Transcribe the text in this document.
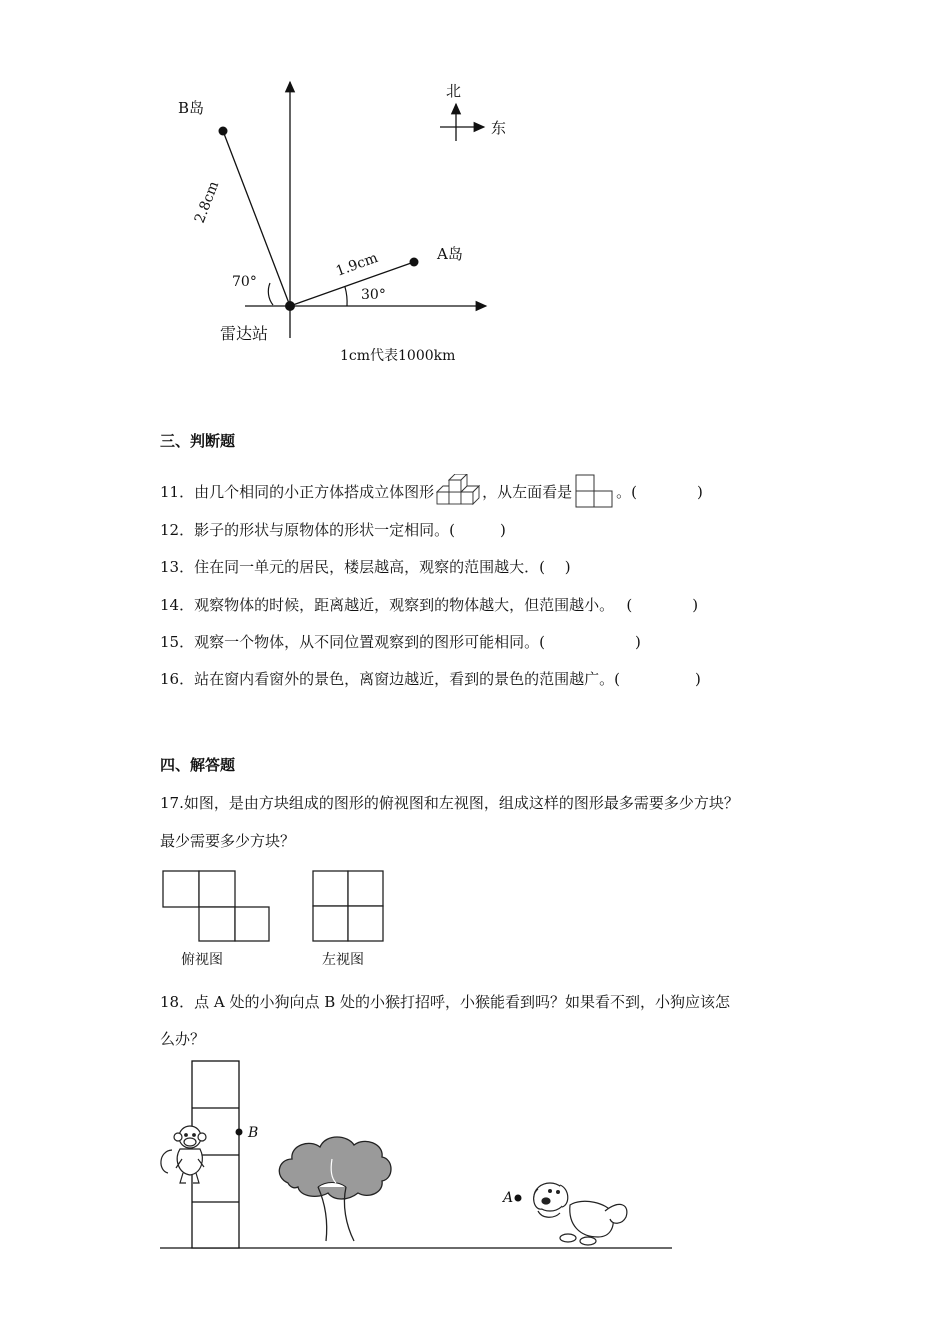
B岛
A岛
北
东
2.8cm
1.9cm
70°
30°
雷达站
1cm代表1000km
三、判断题
11．由几个相同的小正方体搭成立体图形	，从左面看是	。(　　　　)
12．影子的形状与原物体的形状一定相同。(　　　)
13．住在同一单元的居民，楼层越高，观察的范围越大．(　 )
14．观察物体的时候，距离越近，观察到的物体越大，但范围越小。　 (　　　　)
15．观察一个物体，从不同位置观察到的图形可能相同。(　　　　　　)
16．站在窗内看窗外的景色，离窗边越近，看到的景色的范围越广。(　　　　　)
四、解答题
17.如图，是由方块组成的图形的俯视图和左视图，组成这样的图形最多需要多少方块？
最少需要多少方块？
俯视图	左视图
18．点 A 处的小狗向点 B 处的小猴打招呼，小猴能看到吗？如果看不到，小狗应该怎
么办？
B
A
